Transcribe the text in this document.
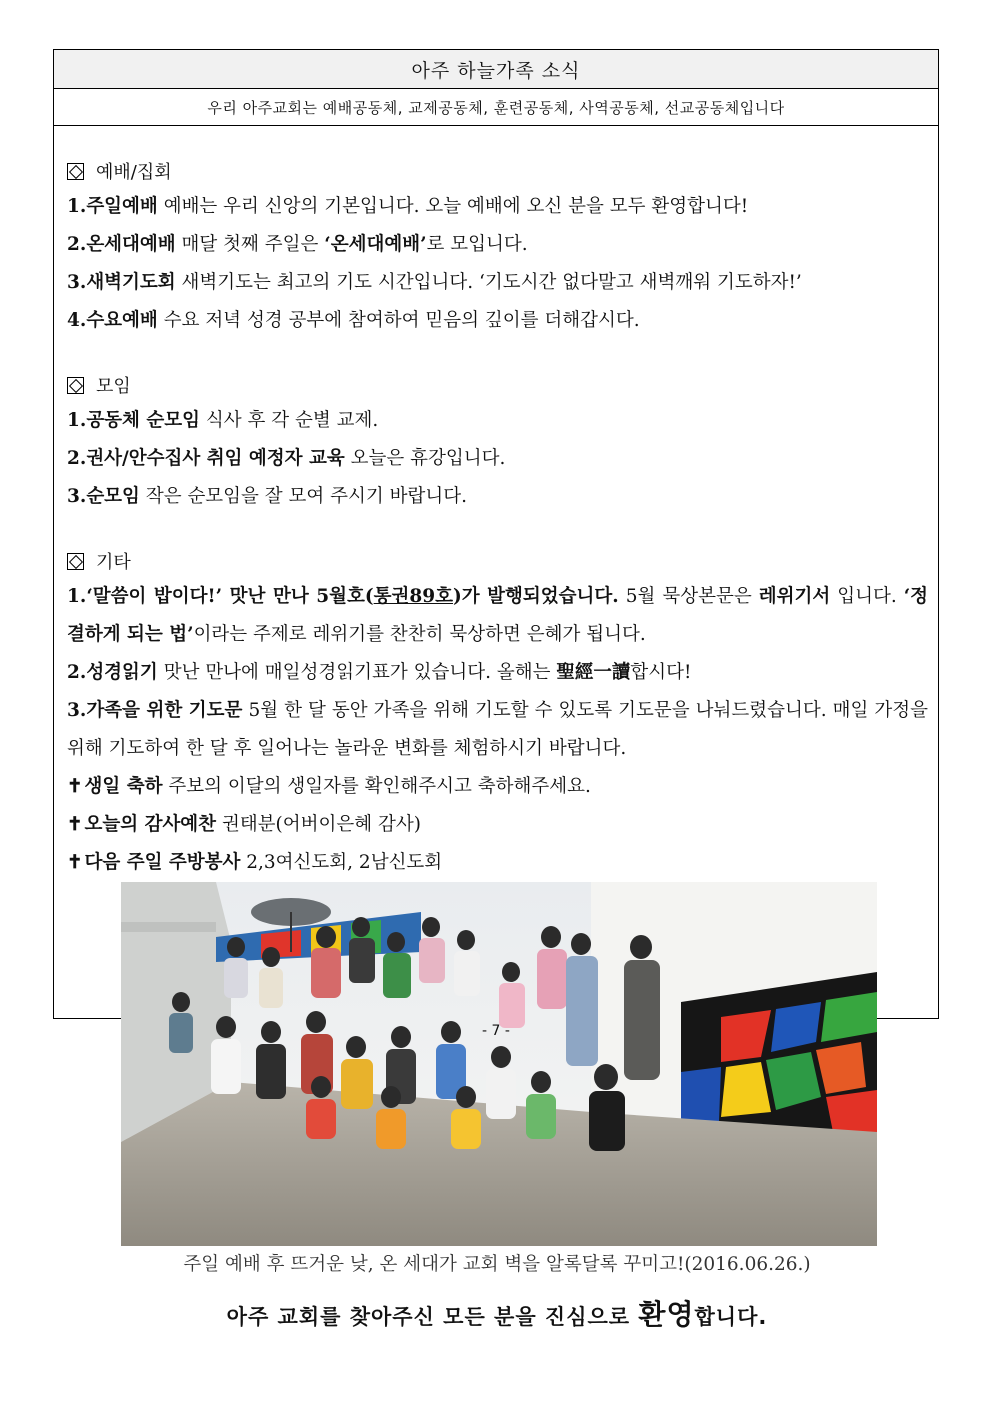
아주 하늘가족 소식
우리 아주교회는 예배공동체, 교제공동체, 훈련공동체, 사역공동체, 선교공동체입니다
예배/집회
1.주일예배 예배는 우리 신앙의 기본입니다. 오늘 예배에 오신 분을 모두 환영합니다!
2.온세대예배 매달 첫째 주일은 ‘온세대예배’로 모입니다.
3.새벽기도회 새벽기도는 최고의 기도 시간입니다. ‘기도시간 없다말고 새벽깨워 기도하자!’
4.수요예배 수요 저녁 성경 공부에 참여하여 믿음의 깊이를 더해갑시다.
모임
1.공동체 순모임 식사 후 각 순별 교제.
2.권사/안수집사 취임 예정자 교육 오늘은 휴강입니다.
3.순모임 작은 순모임을 잘 모여 주시기 바랍니다.
기타
1.‘말씀이 밥이다!’ 맛난 만나 5월호(통권89호)가 발행되었습니다. 5월 묵상본문은 레위기서 입니다. ‘정결하게 되는 법’이라는 주제로 레위기를 찬찬히 묵상하면 은혜가 됩니다.
2.성경읽기 맛난 만나에 매일성경읽기표가 있습니다. 올해는 聖經一讀합시다!
3.가족을 위한 기도문 5월 한 달 동안 가족을 위해 기도할 수 있도록 기도문을 나눠드렸습니다. 매일 가정을 위해 기도하여 한 달 후 일어나는 놀라운 변화를 체험하시기 바랍니다.
✝ 생일 축하 주보의 이달의 생일자를 확인해주시고 축하해주세요.
✝ 오늘의 감사예찬 권태분(어버이은혜 감사)
✝ 다음 주일 주방봉사 2,3여신도회, 2남신도회
주일 예배 후 뜨거운 낮, 온 세대가 교회 벽을 알록달록 꾸미고!(2016.06.26.)
아주 교회를 찾아주신 모든 분을 진심으로 환영합니다.
- 7 -
